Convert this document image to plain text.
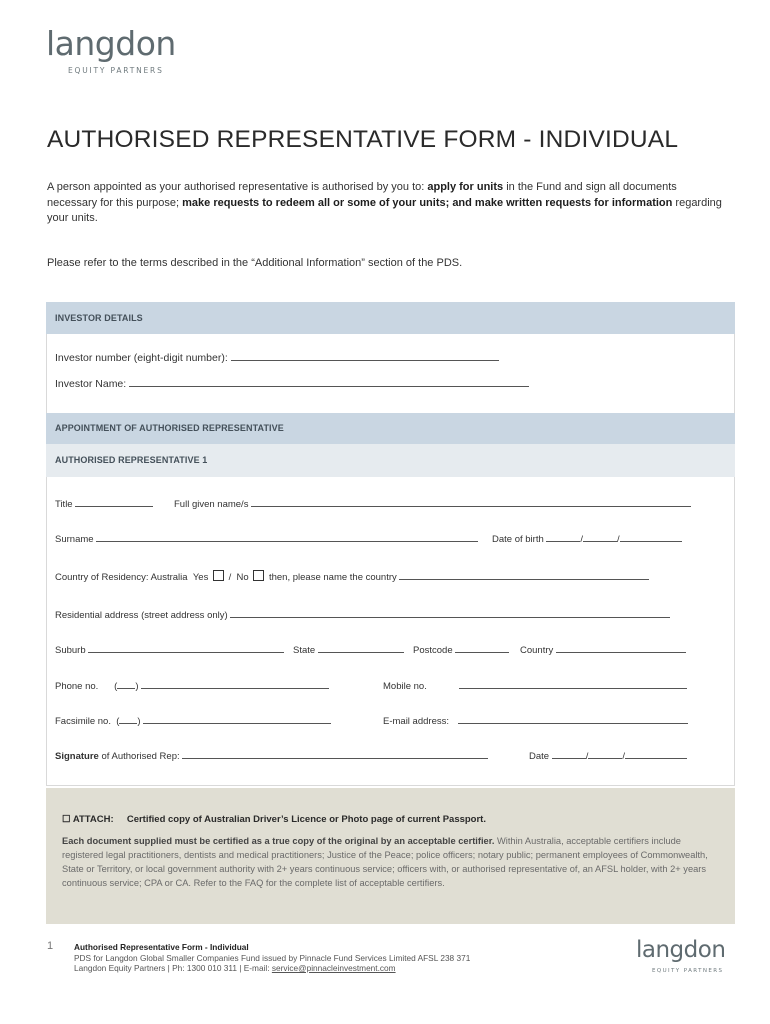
langdon
EQUITY PARTNERS
AUTHORISED REPRESENTATIVE FORM - INDIVIDUAL
A person appointed as your authorised representative is authorised by you to: apply for units in the Fund and sign all documents necessary for this purpose; make requests to redeem all or some of your units; and make written requests for information regarding your units.
Please refer to the terms described in the “Additional Information” section of the PDS.
INVESTOR DETAILS
Investor number (eight-digit number):
Investor Name:
APPOINTMENT OF AUTHORISED REPRESENTATIVE
AUTHORISED REPRESENTATIVE 1
Title	Full given name/s
Surname	Date of birth	/	/
Country of Residency: Australia Yes / No then, please name the country
Residential address (street address only)
Suburb	State	Postcode	Country
Phone no. ( )	Mobile no.
Facsimile no. ( )	E-mail address:
Signature of Authorised Rep:	Date	/	/
☐ ATTACH: Certified copy of Australian Driver’s Licence or Photo page of current Passport.
Each document supplied must be certified as a true copy of the original by an acceptable certifier. Within Australia, acceptable certifiers include registered legal practitioners, dentists and medical practitioners; Justice of the Peace; police officers; notary public; permanent employees of Commonwealth, State or Territory, or local government authority with 2+ years continuous service; officers with, or authorised representative of, an AFSL holder, with 2+ years continuous service; CPA or CA. Refer to the FAQ for the complete list of acceptable certifiers.
1	Authorised Representative Form - Individual
PDS for Langdon Global Smaller Companies Fund issued by Pinnacle Fund Services Limited AFSL 238 371
Langdon Equity Partners | Ph: 1300 010 311 | E-mail: service@pinnacleinvestment.com
langdon
EQUITY PARTNERS
